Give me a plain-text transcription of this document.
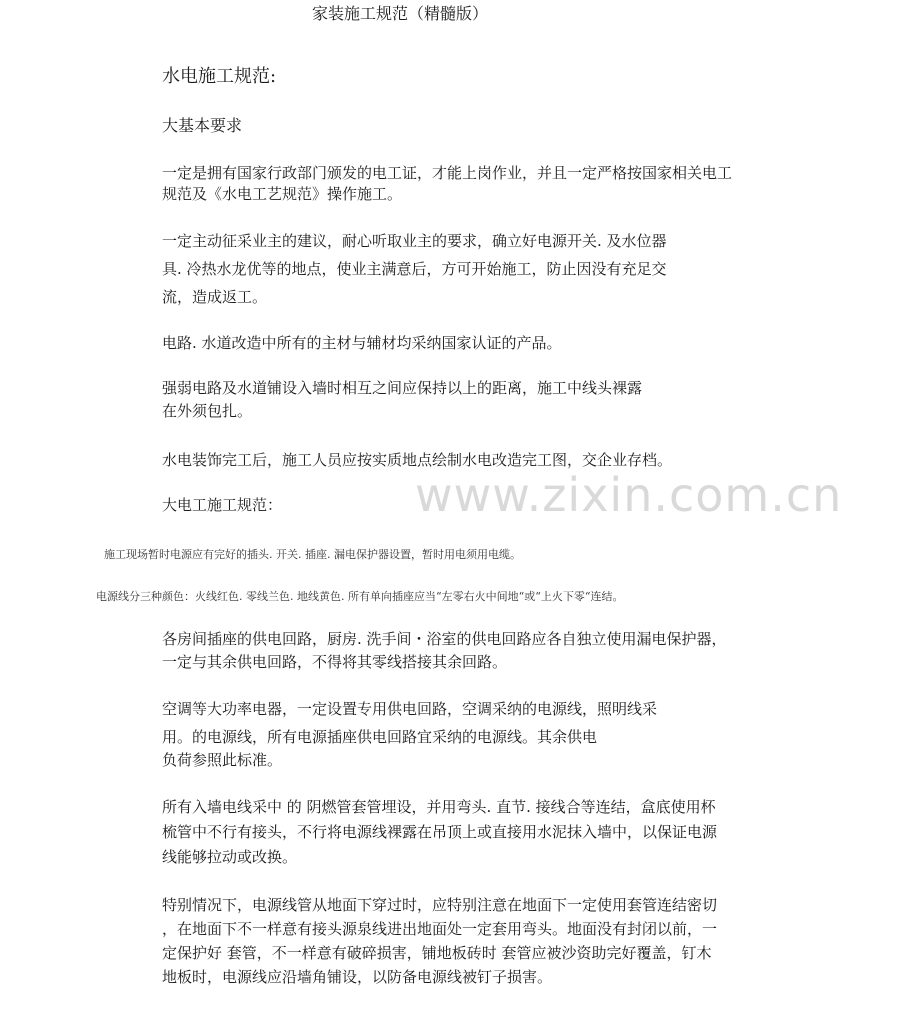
家装施工规范（精髓版）

水电施工规范:

大基本要求

一定是拥有国家行政部门颁发的电工证，才能上岗作业，并且一定严格按国家相关电工

规范及《水电工艺规范》操作施工。

一定主动征采业主的建议，耐心听取业主的要求，确立好电源开关. 及水位器

具. 冷热水龙优等的地点，使业主满意后，方可开始施工，防止因没有充足交

流，造成返工。

电路. 水道改造中所有的主材与辅材均采纳国家认证的产品。

强弱电路及水道铺设入墙时相互之间应保持以上的距离，施工中线头裸露

在外须包扎。

水电装饰完工后，施工人员应按实质地点绘制水电改造完工图，交企业存档。

大电工施工规范：

施工现场暂时电源应有完好的插头. 开关. 插座. 漏电保护器设置，暂时用电须用电缆。

电源线分三种颜色：火线红色. 零线兰色. 地线黄色. 所有单向插座应当“左零右火中间地“或“上火下零“连结。

各房间插座的供电回路，厨房. 洗手间・浴室的供电回路应各自独立使用漏电保护器，

一定与其余供电回路，不得将其零线搭接其余回路。

空调等大功率电器，一定设置专用供电回路，空调采纳的电源线，照明线采

用。的电源线，所有电源插座供电回路宜采纳的电源线。其余供电

负荷参照此标准。

所有入墙电线采中 的 阴燃管套管埋设，并用弯头. 直节. 接线合等连结，盒底使用杯

梳管中不行有接头，不行将电源线裸露在吊顶上或直接用水泥抹入墙中，以保证电源

线能够拉动或改换。

特别情况下，电源线管从地面下穿过时，应特别注意在地面下一定使用套管连结密切

，在地面下不一样意有接头源泉线进出地面处一定套用弯头。地面没有封闭以前，一

定保护好 套管，不一样意有破碎损害，铺地板砖时 套管应被沙资助完好覆盖，钉木

地板时，电源线应沿墙角铺设，以防备电源线被钉子损害。

www.zixin.com.cn
